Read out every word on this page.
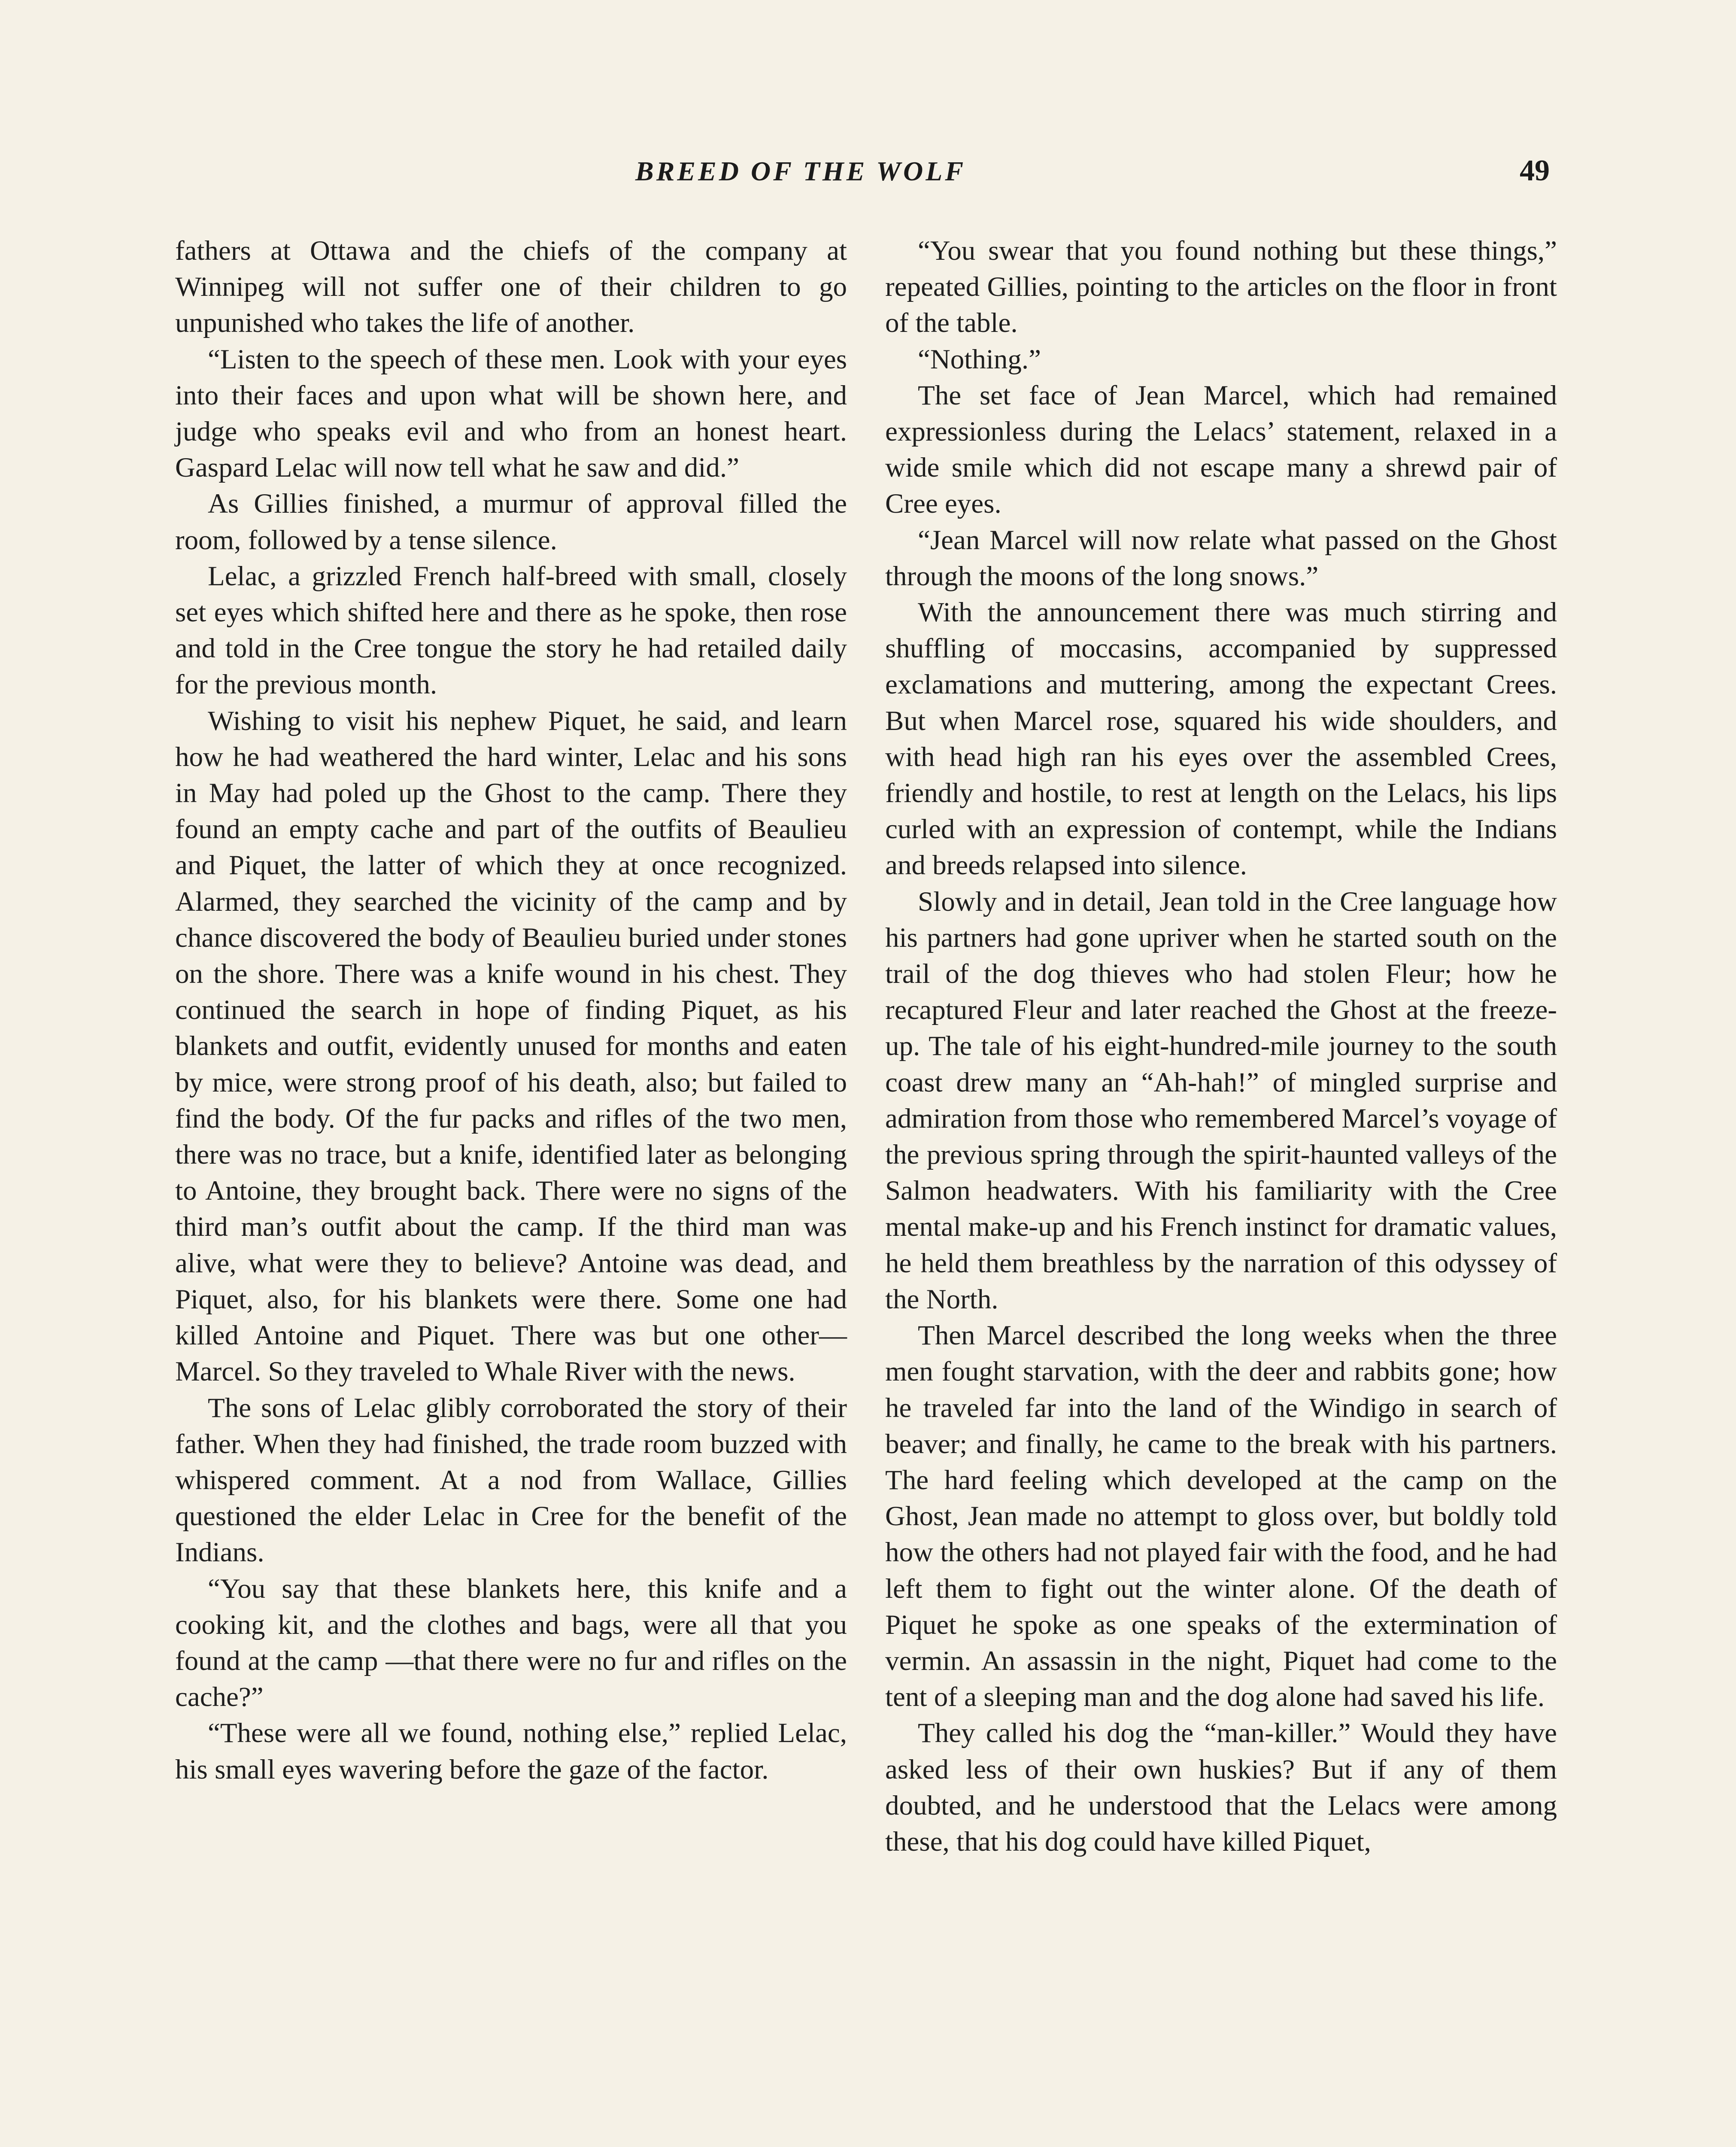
BREED OF THE WOLF	49

fathers at Ottawa and the chiefs of the company at Winnipeg will not suffer one of their children to go unpunished who takes the life of another.

“Listen to the speech of these men. Look with your eyes into their faces and upon what will be shown here, and judge who speaks evil and who from an honest heart. Gaspard Lelac will now tell what he saw and did.”

As Gillies finished, a murmur of approval filled the room, followed by a tense silence.

Lelac, a grizzled French half-breed with small, closely set eyes which shifted here and there as he spoke, then rose and told in the Cree tongue the story he had retailed daily for the previous month.

Wishing to visit his nephew Piquet, he said, and learn how he had weathered the hard winter, Lelac and his sons in May had poled up the Ghost to the camp. There they found an empty cache and part of the outfits of Beaulieu and Piquet, the latter of which they at once recognized. Alarmed, they searched the vicinity of the camp and by chance discovered the body of Beaulieu buried under stones on the shore. There was a knife wound in his chest. They continued the search in hope of finding Piquet, as his blankets and outfit, evidently unused for months and eaten by mice, were strong proof of his death, also; but failed to find the body. Of the fur packs and rifles of the two men, there was no trace, but a knife, identified later as belonging to Antoine, they brought back. There were no signs of the third man’s outfit about the camp. If the third man was alive, what were they to believe? Antoine was dead, and Piquet, also, for his blankets were there. Some one had killed Antoine and Piquet. There was but one other—Marcel. So they traveled to Whale River with the news.

The sons of Lelac glibly corroborated the story of their father. When they had finished, the trade room buzzed with whispered comment. At a nod from Wallace, Gillies questioned the elder Lelac in Cree for the benefit of the Indians.

“You say that these blankets here, this knife and a cooking kit, and the clothes and bags, were all that you found at the camp —that there were no fur and rifles on the cache?”

“These were all we found, nothing else,” replied Lelac, his small eyes wavering before the gaze of the factor.

“You swear that you found nothing but these things,” repeated Gillies, pointing to the articles on the floor in front of the table.

“Nothing.”

The set face of Jean Marcel, which had remained expressionless during the Lelacs’ statement, relaxed in a wide smile which did not escape many a shrewd pair of Cree eyes.

“Jean Marcel will now relate what passed on the Ghost through the moons of the long snows.”

With the announcement there was much stirring and shuffling of moccasins, accompanied by suppressed exclamations and muttering, among the expectant Crees. But when Marcel rose, squared his wide shoulders, and with head high ran his eyes over the assembled Crees, friendly and hostile, to rest at length on the Lelacs, his lips curled with an expression of contempt, while the Indians and breeds relapsed into silence.

Slowly and in detail, Jean told in the Cree language how his partners had gone upriver when he started south on the trail of the dog thieves who had stolen Fleur; how he recaptured Fleur and later reached the Ghost at the freeze-up. The tale of his eight-hundred-mile journey to the south coast drew many an “Ah-hah!” of mingled surprise and admiration from those who remembered Marcel’s voyage of the previous spring through the spirit-haunted valleys of the Salmon headwaters. With his familiarity with the Cree mental make-up and his French instinct for dramatic values, he held them breathless by the narration of this odyssey of the North.

Then Marcel described the long weeks when the three men fought starvation, with the deer and rabbits gone; how he traveled far into the land of the Windigo in search of beaver; and finally, he came to the break with his partners. The hard feeling which developed at the camp on the Ghost, Jean made no attempt to gloss over, but boldly told how the others had not played fair with the food, and he had left them to fight out the winter alone. Of the death of Piquet he spoke as one speaks of the extermination of vermin. An assassin in the night, Piquet had come to the tent of a sleeping man and the dog alone had saved his life.

They called his dog the “man-killer.” Would they have asked less of their own huskies? But if any of them doubted, and he understood that the Lelacs were among these, that his dog could have killed Piquet,
